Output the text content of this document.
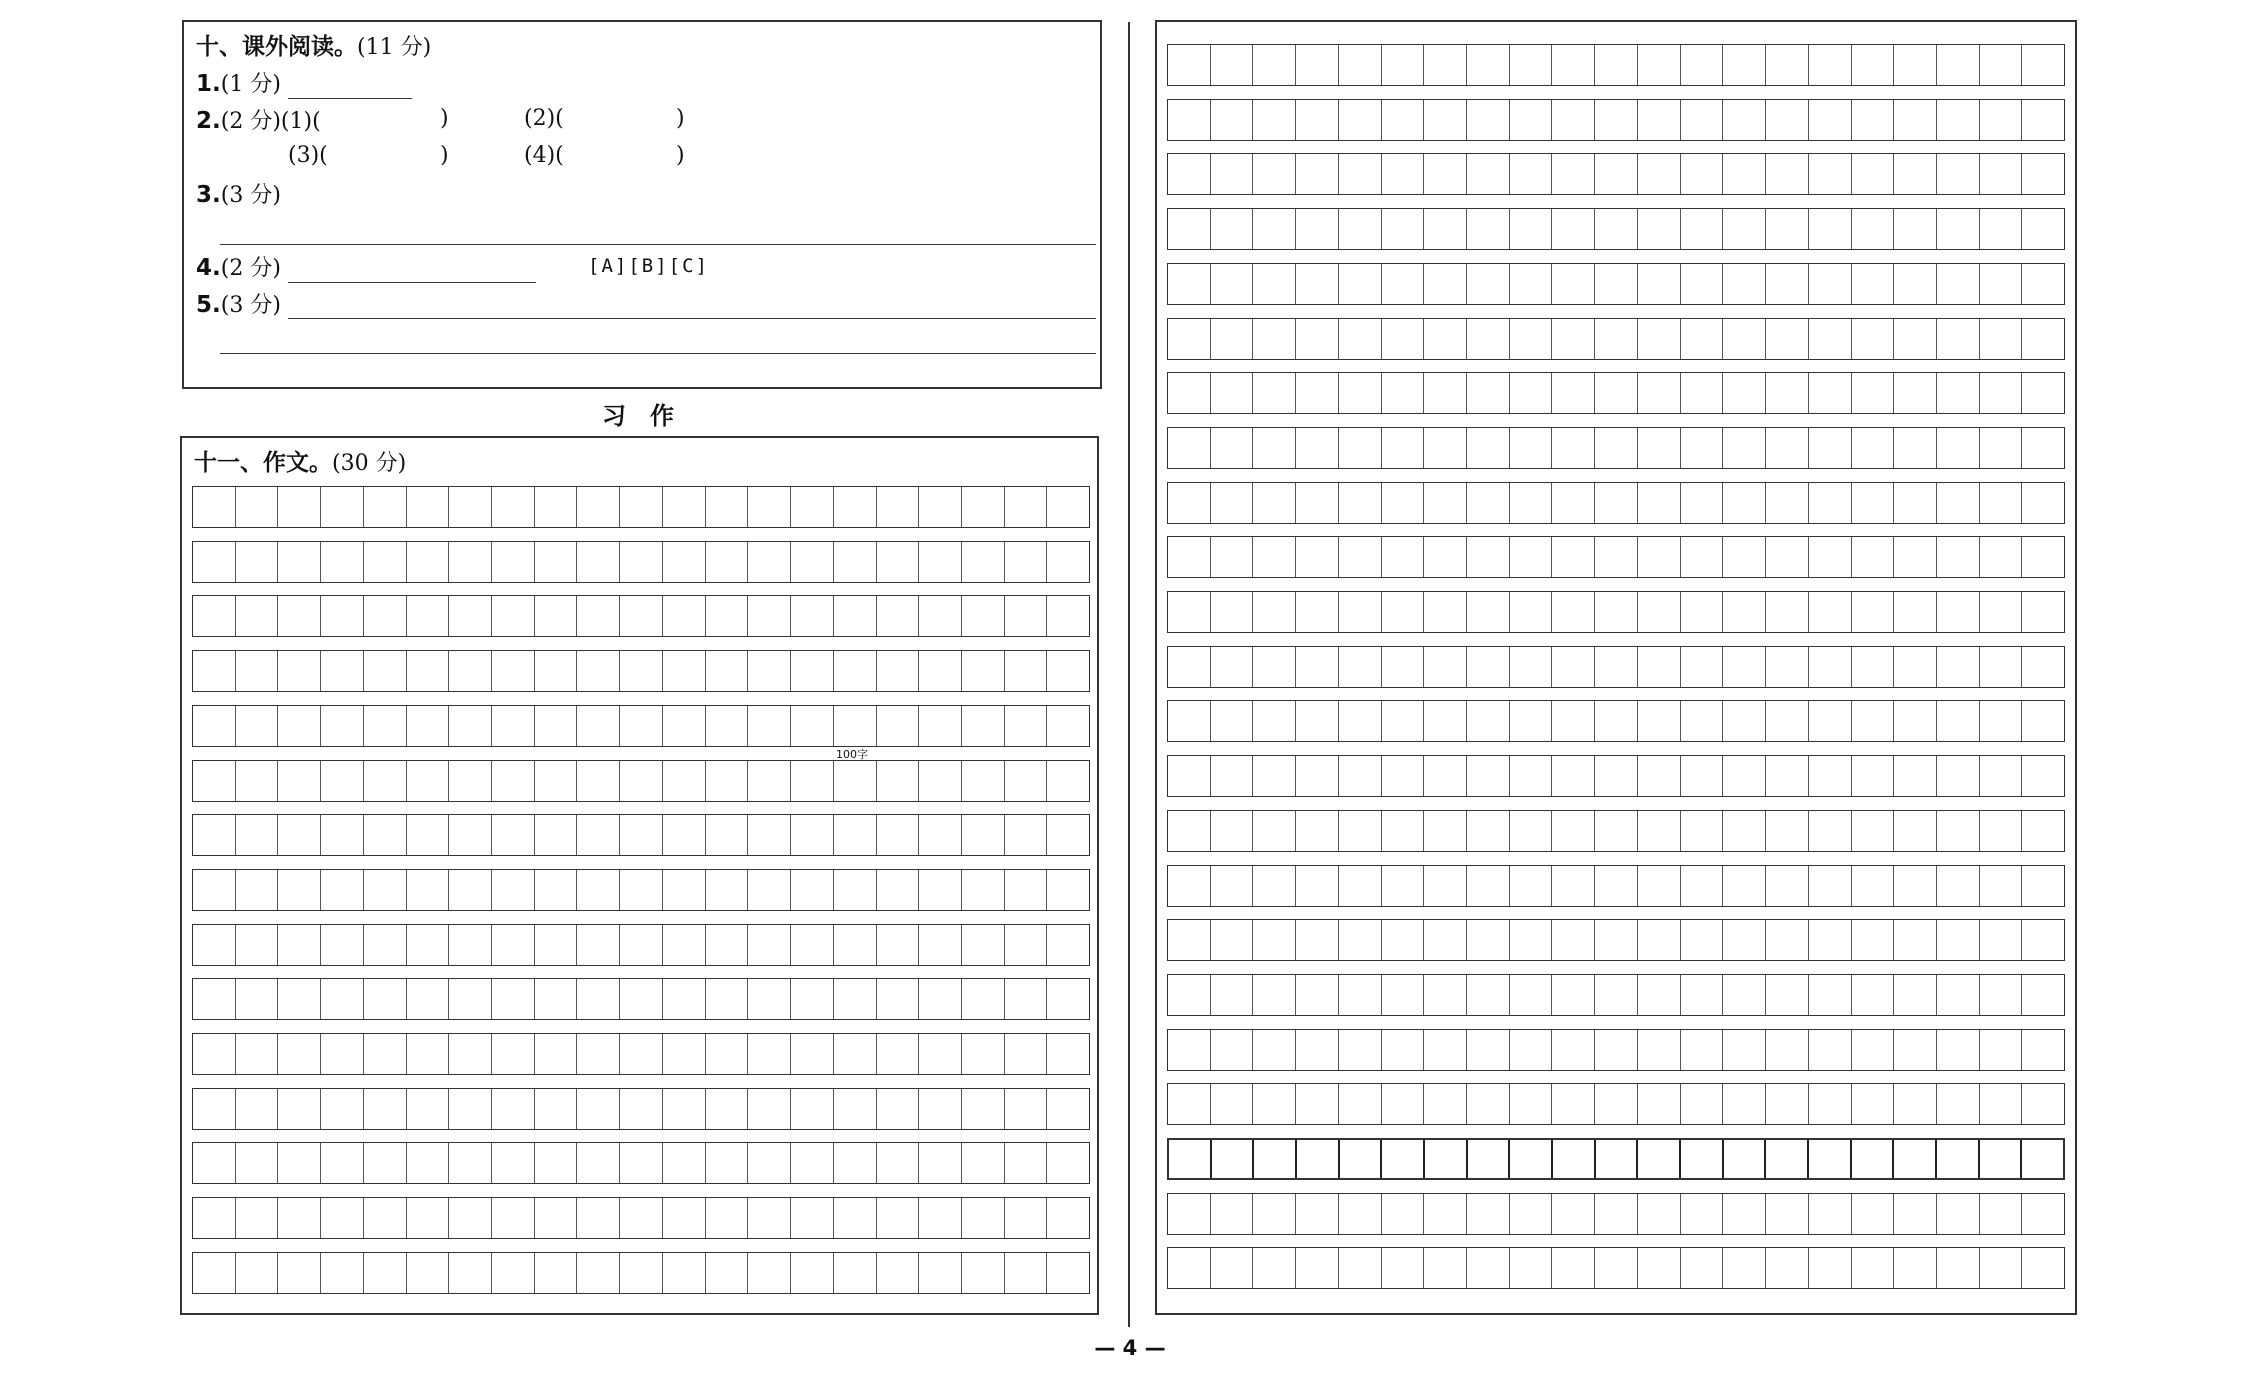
十、课外阅读。(11 分)
1.(1 分)
2.(2 分)(1)(	)	(2)(	)
(3)(	)	(4)(	)
3.(3 分)
4.(2 分)	[A][B][C]
5.(3 分)
习作
十一、作文。(30 分)
100字
— 4 —
